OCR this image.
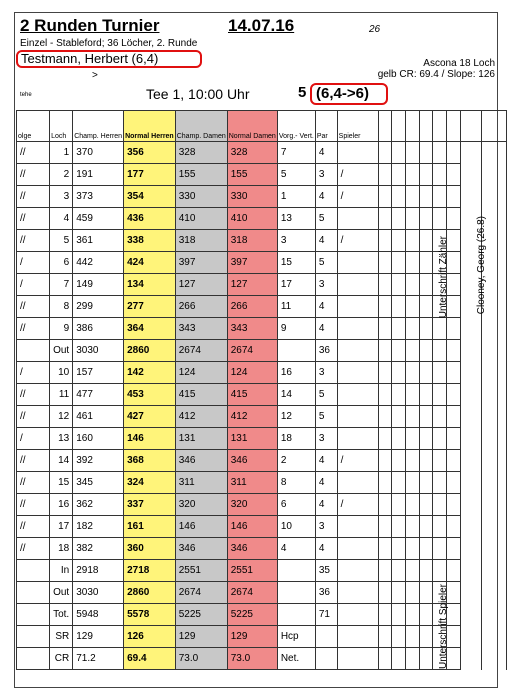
2 Runden Turnier	14.07.16
Einzel - Stableford; 36 Löcher, 2. Runde
26
Testmann, Herbert (6,4)
>
Ascona 18 Loch
gelb CR: 69.4 / Slope: 126
tehe	Tee 1, 10:00 Uhr	5 (6,4->6)
olge	Loch	Champ. Herren	Normal Herren	Champ. Damen	Normal Damen	Vorg.- Vert.	Par	Spieler								
//	1	370	356	328	328	7	4									
//	2	191	177	155	155	5	3	/								
//	3	373	354	330	330	1	4	/								
//	4	459	436	410	410	13	5									
//	5	361	338	318	318	3	4	/								
/	6	442	424	397	397	15	5									
/	7	149	134	127	127	17	3									
//	8	299	277	266	266	11	4									
//	9	386	364	343	343	9	4									
	Out	3030	2860	2674	2674		36									
/	10	157	142	124	124	16	3									
//	11	477	453	415	415	14	5									
//	12	461	427	412	412	12	5									
/	13	160	146	131	131	18	3									
//	14	392	368	346	346	2	4	/								
//	15	345	324	311	311	8	4									
//	16	362	337	320	320	6	4	/								
//	17	182	161	146	146	10	3									
//	18	382	360	346	346	4	4									
	In	2918	2718	2551	2551		35									
	Out	3030	2860	2674	2674		36									
	Tot.	5948	5578	5225	5225		71									
	SR	129	126	129	129	Hcp										
	CR	71.2	69.4	73.0	73.0	Net.										
Unterschrift Zähler	Clooney, Georg (26.8)
Unterschrift Spieler
